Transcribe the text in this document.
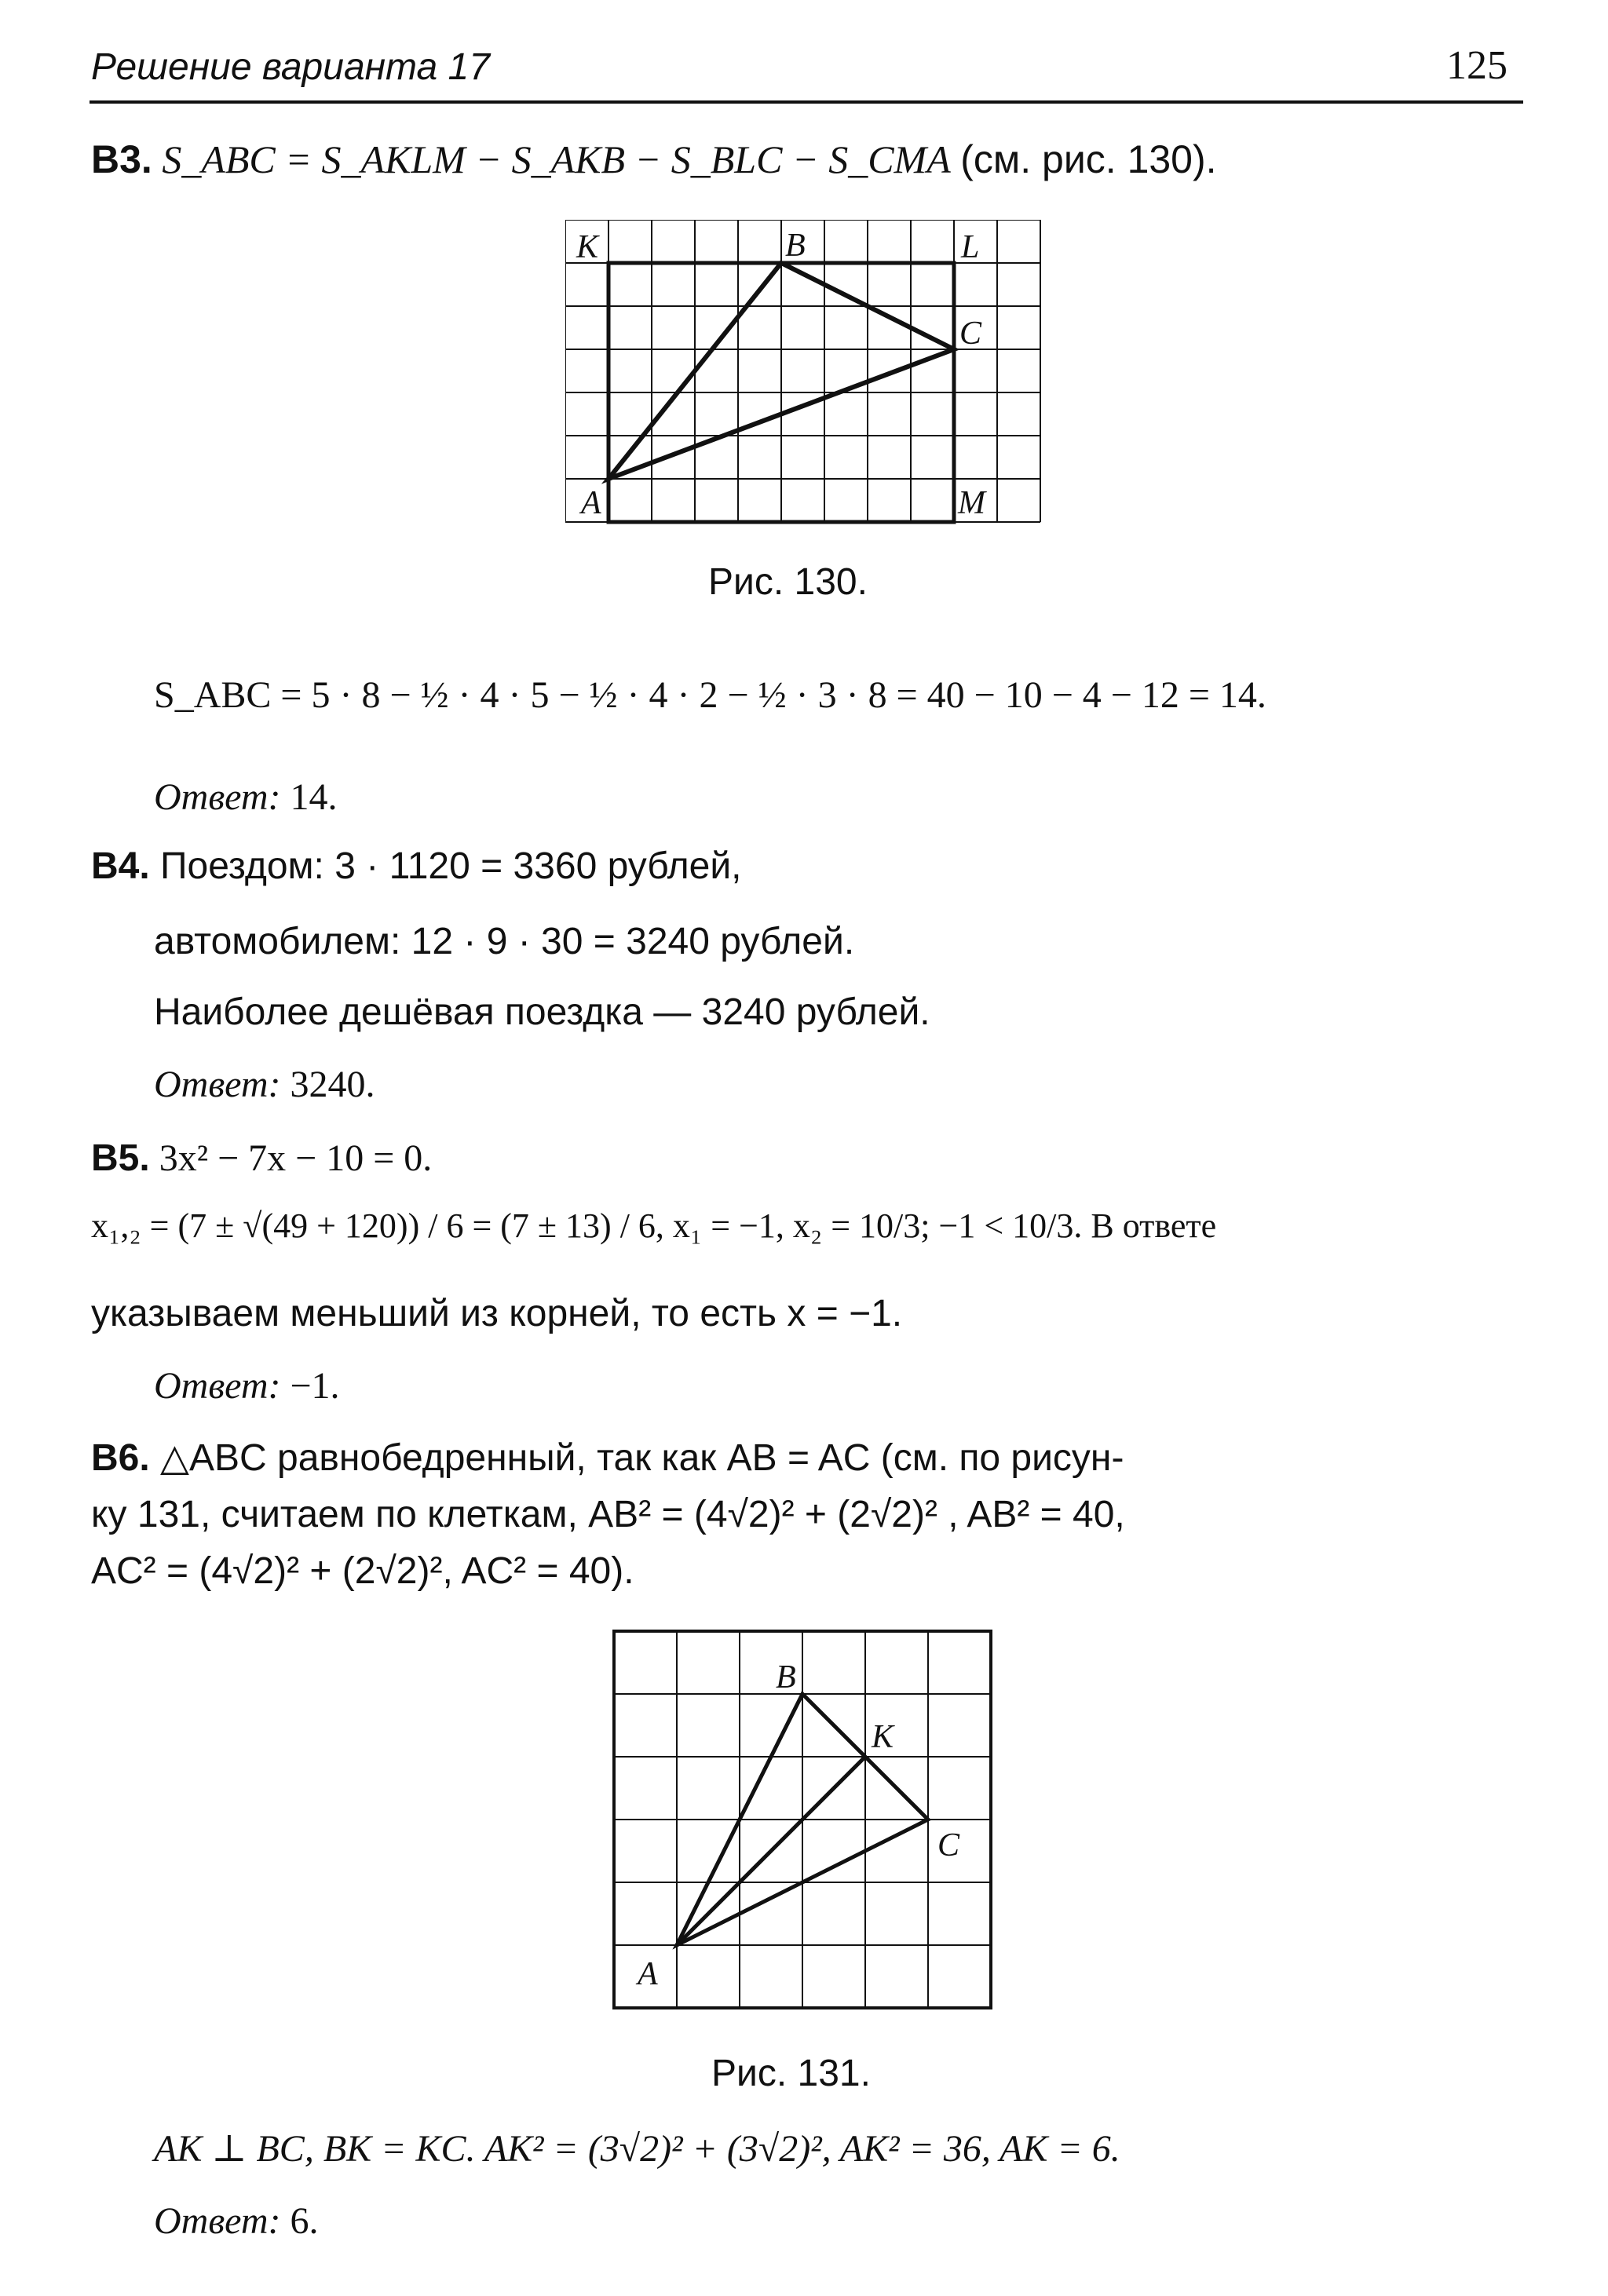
Решение варианта 17	125
B3. S_ABC = S_AKLM − S_AKB − S_BLC − S_CMA (см. рис. 130).
K	B	L
C
A	M
Рис. 130.
S_ABC = 5 · 8 − ½ · 4 · 5 − ½ · 4 · 2 − ½ · 3 · 8 = 40 − 10 − 4 − 12 = 14.
Ответ: 14.
B4. Поездом: 3 · 1120 = 3360 рублей,
автомобилем: 12 · 9 · 30 = 3240 рублей.
Наиболее дешёвая поездка — 3240 рублей.
Ответ: 3240.
B5. 3x² − 7x − 10 = 0.
x₁,₂ = (7 ± √(49 + 120)) / 6 = (7 ± 13) / 6, x₁ = −1, x₂ = 10/3; −1 < 10/3. В ответе
указываем меньший из корней, то есть x = −1.
Ответ: −1.
B6. △ABC равнобедренный, так как AB = AC (см. по рисун-
ку 131, считаем по клеткам, AB² = (4√2)² + (2√2)² , AB² = 40,
AC² = (4√2)² + (2√2)², AC² = 40).
B
K
C
A
Рис. 131.
AK ⊥ BC, BK = KC. AK² = (3√2)² + (3√2)², AK² = 36, AK = 6.
Ответ: 6.
